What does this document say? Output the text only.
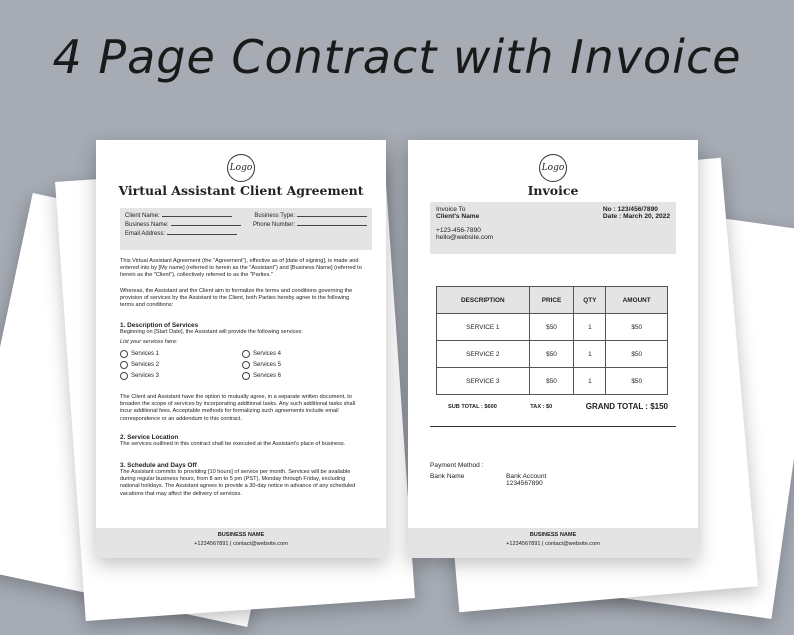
4 Page Contract with Invoice
Logo
Virtual Assistant Client Agreement
Client Name:	Business Type:
Business Name:	Phone Number:
Email Address:
This Virtual Assistant Agreement (the "Agreement"), effective as of [date of signing], is made and entered into by [My name] (referred to herein as the "Assistant") and [Business Name] (referred to herein as the "Client"), collectively referred to as the "Parties."
Whereas, the Assistant and the Client aim to formalize the terms and conditions governing the provision of services by the Assistant to the Client, both Parties hereby agree to the following terms and conditions:
1. Description of Services
Beginning on [Start Date], the Assistant will provide the following services:
List your services here:
Services 1	Services 4
Services 2	Services 5
Services 3	Services 6
The Client and Assistant have the option to mutually agree, in a separate written document, to broaden the scope of services by incorporating additional tasks. Any such additional tasks shall incur additional fees. Acceptable methods for formalizing such agreements include email correspondence or an addendum to this contract.
2. Service Location
The services outlined in this contract shall be executed at the Assistant's place of business.
3. Schedule and Days Off
The Assistant commits to providing [10 hours] of service per month. Services will be available during regular business hours, from 8 am to 5 pm (PST), Monday through Friday, excluding national holidays. The Assistant agrees to provide a 30-day notice in advance of any scheduled vacations that may affect the delivery of services.
BUSINESS NAME
+1234567891 | contact@website.com
Logo
Invoice
Invoice To
Client's Name
No : 123/456/7890
Date : March 20, 2022
+123-456-7890
hello@website.com
DESCRIPTION	PRICE	QTY	AMOUNT
SERVICE 1	$50	1	$50
SERVICE 2	$50	1	$50
SERVICE 3	$50	1	$50
SUB TOTAL : $600	TAX : $0	GRAND TOTAL : $150
Payment Method :
Bank Name	Bank Account
1234567890
BUSINESS NAME
+1234567891 | contact@website.com
